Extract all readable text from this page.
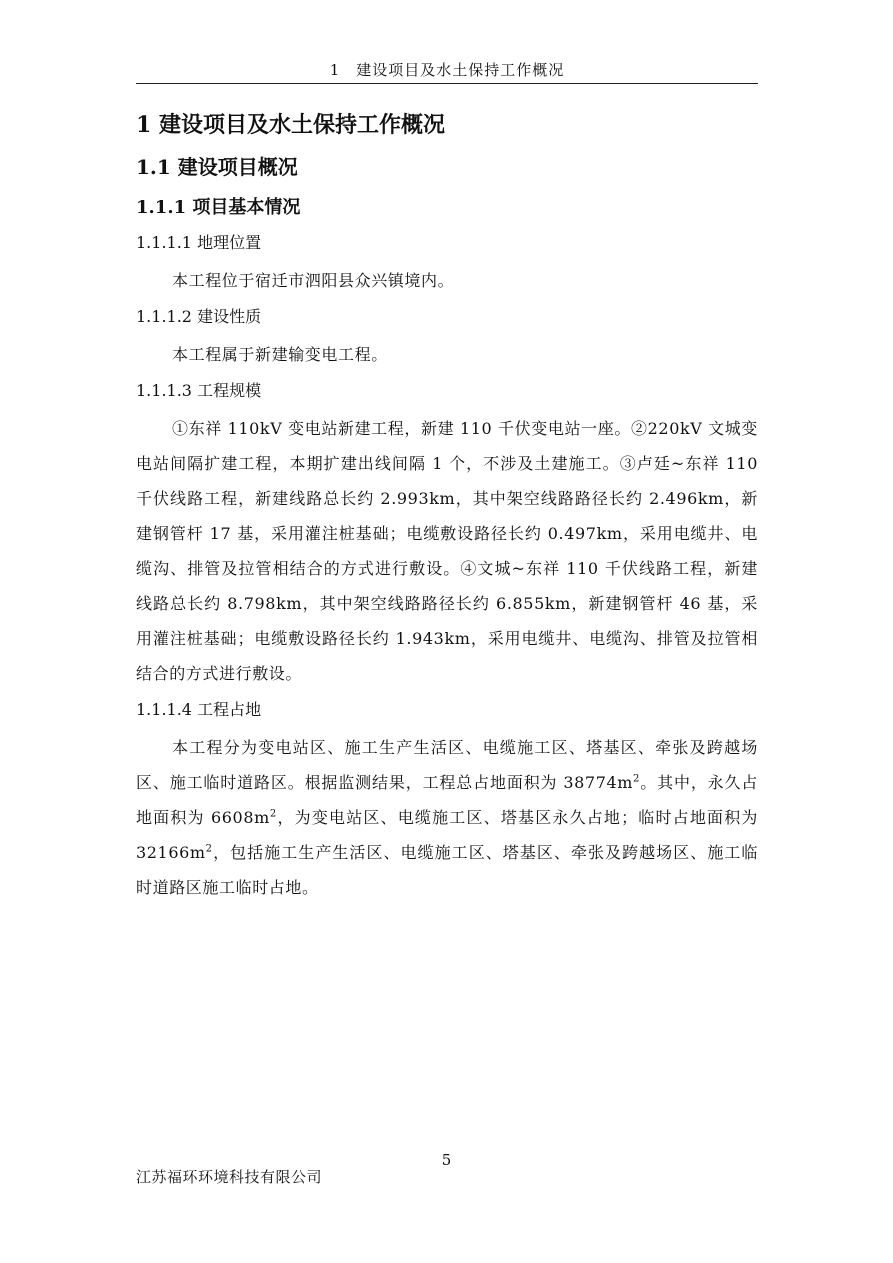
1　建设项目及水土保持工作概况
1 建设项目及水土保持工作概况
1.1 建设项目概况
1.1.1 项目基本情况
1.1.1.1 地理位置

本工程位于宿迁市泗阳县众兴镇境内。

1.1.1.2 建设性质

本工程属于新建输变电工程。

1.1.1.3 工程规模

①东祥 110kV 变电站新建工程，新建 110 千伏变电站一座。②220kV 文城变电站间隔扩建工程，本期扩建出线间隔 1 个，不涉及土建施工。③卢廷~东祥 110 千伏线路工程，新建线路总长约 2.993km，其中架空线路路径长约 2.496km，新建钢管杆 17 基，采用灌注桩基础；电缆敷设路径长约 0.497km，采用电缆井、电缆沟、排管及拉管相结合的方式进行敷设。④文城~东祥 110 千伏线路工程，新建线路总长约 8.798km，其中架空线路路径长约 6.855km，新建钢管杆 46 基，采用灌注桩基础；电缆敷设路径长约 1.943km，采用电缆井、电缆沟、排管及拉管相结合的方式进行敷设。

1.1.1.4 工程占地

本工程分为变电站区、施工生产生活区、电缆施工区、塔基区、牵张及跨越场区、施工临时道路区。根据监测结果，工程总占地面积为 $38774m^2$。其中，永久占地面积为 $6608m^2$，为变电站区、电缆施工区、塔基区永久占地；临时占地面积为 $32166m^2$，包括施工生产生活区、电缆施工区、塔基区、牵张及跨越场区、施工临时道路区施工临时占地。

5
江苏福环环境科技有限公司
